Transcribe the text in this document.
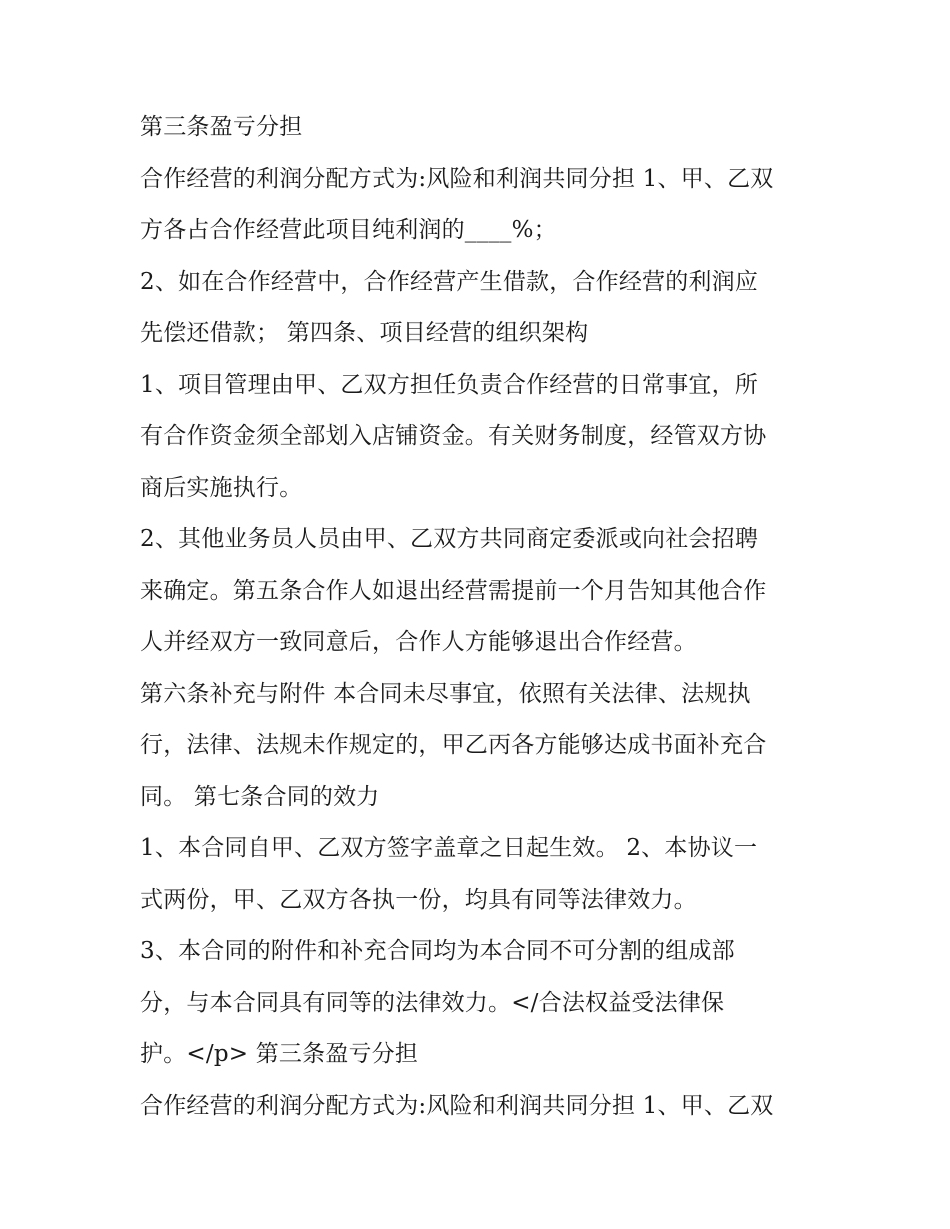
第三条盈亏分担
合作经营的利润分配方式为:风险和利润共同分担 1、甲、乙双
方各占合作经营此项目纯利润的____%；
2、如在合作经营中，合作经营产生借款，合作经营的利润应
先偿还借款； 第四条、项目经营的组织架构
1、项目管理由甲、乙双方担任负责合作经营的日常事宜，所
有合作资金须全部划入店铺资金。有关财务制度，经管双方协
商后实施执行。
2、其他业务员人员由甲、乙双方共同商定委派或向社会招聘
来确定。第五条合作人如退出经营需提前一个月告知其他合作
人并经双方一致同意后，合作人方能够退出合作经营。
第六条补充与附件 本合同未尽事宜，依照有关法律、法规执
行，法律、法规未作规定的，甲乙丙各方能够达成书面补充合
同。 第七条合同的效力
1、本合同自甲、乙双方签字盖章之日起生效。 2、本协议一
式两份，甲、乙双方各执一份，均具有同等法律效力。
3、本合同的附件和补充合同均为本合同不可分割的组成部
分，与本合同具有同等的法律效力。</合法权益受法律保
护。</p> 第三条盈亏分担
合作经营的利润分配方式为:风险和利润共同分担 1、甲、乙双
